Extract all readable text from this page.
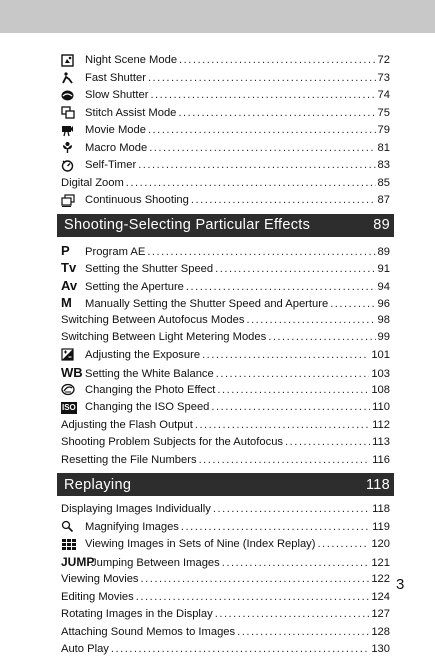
Night Scene Mode .....	72
Fast Shutter .....	73
Slow Shutter .....	74
Stitch Assist Mode .....	75
Movie Mode .....	79
Macro Mode .....	81
Self-Timer .....	83
Digital Zoom .....	85
Continuous Shooting .....	87
Shooting-Selecting Particular Effects	89
P	Program AE .....	89
Tv Setting the Shutter Speed .....	91
Av Setting the Aperture .....	94
M	Manually Setting the Shutter Speed and Aperture .....	96
Switching Between Autofocus Modes .....	98
Switching Between Light Metering Modes .....	99
Adjusting the Exposure .....	101
WB Setting the White Balance .....	103
Changing the Photo Effect .....	108
ISO Changing the ISO Speed .....	110
Adjusting the Flash Output .....	112
Shooting Problem Subjects for the Autofocus .....	113
Resetting the File Numbers .....	116
Replaying	118
Displaying Images Individually .....	118
Magnifying Images .....	119
Viewing Images in Sets of Nine (Index Replay) .....	120
JUMP
Jumping Between Images .....	121
Viewing Movies .....	122
Editing Movies .....	124
Rotating Images in the Display .....	127
Attaching Sound Memos to Images .....	128
Auto Play .....	130
3
